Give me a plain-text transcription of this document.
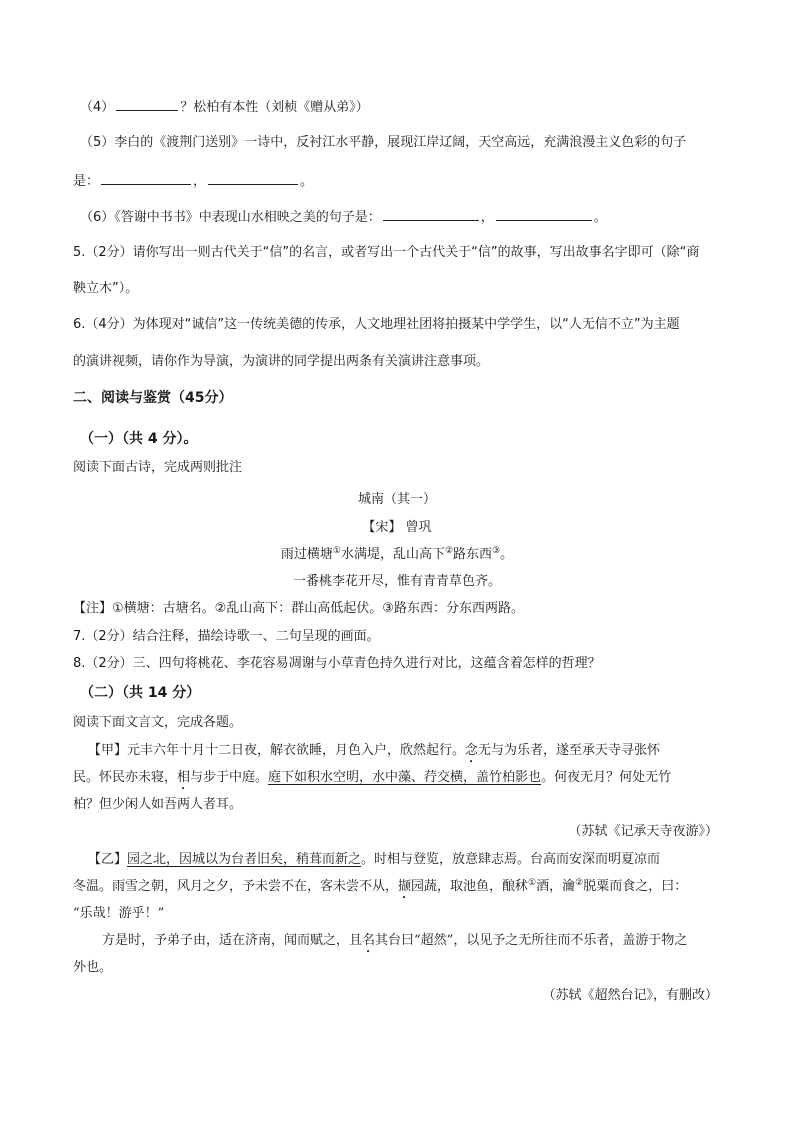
（4）	？松柏有本性（刘桢《赠从弟》）
（5）李白的《渡荆门送别》一诗中，反衬江水平静，展现江岸辽阔，天空高远，充满浪漫主义色彩的句子
是：	，	。
（6）《答谢中书书》中表现山水相映之美的句子是：	，	。
5.（2分）请你写出一则古代关于“信”的名言，或者写出一个古代关于“信”的故事，写出故事名字即可（除“商
鞅立木”）。
6.（4分）为体现对“诚信”这一传统美德的传承，人文地理社团将拍摄某中学学生，以“人无信不立”为主题
的演讲视频，请你作为导演，为演讲的同学提出两条有关演讲注意事项。
二、阅读与鉴赏（45分）
（一）（共 4 分）。
阅读下面古诗，完成两则批注
城南（其一）
【宋】 曾巩
雨过横塘①水满堤，乱山高下②路东西③。
一番桃李花开尽，惟有青青草色齐。
【注】①横塘：古塘名。②乱山高下：群山高低起伏。③路东西：分东西两路。
7.（2分）结合注释，描绘诗歌一、二句呈现的画面。
8.（2分）三、四句将桃花、李花容易凋谢与小草青色持久进行对比，这蕴含着怎样的哲理？
（二）（共 14 分）
阅读下面文言文，完成各题。
【甲】元丰六年十月十二日夜，解衣欲睡，月色入户，欣然起行。念无与为乐者，遂至承天寺寻张怀
民。怀民亦未寝，相与步于中庭。庭下如积水空明，水中藻、荇交横，盖竹柏影也。何夜无月？何处无竹
柏？但少闲人如吾两人者耳。
（苏轼《记承天寺夜游》）
【乙】园之北，因城以为台者旧矣，稍葺而新之。时相与登览，放意肆志焉。台高而安深而明夏凉而
冬温。雨雪之朝，风月之夕，予未尝不在，客未尝不从，撷园蔬，取池鱼，酿秫①酒，瀹②脱粟而食之，曰：
“乐哉！游乎！”
方是时，予弟子由，适在济南，闻而赋之，且名其台曰“超然”，以见予之无所往而不乐者，盖游于物之
外也。
（苏轼《超然台记》，有删改）
